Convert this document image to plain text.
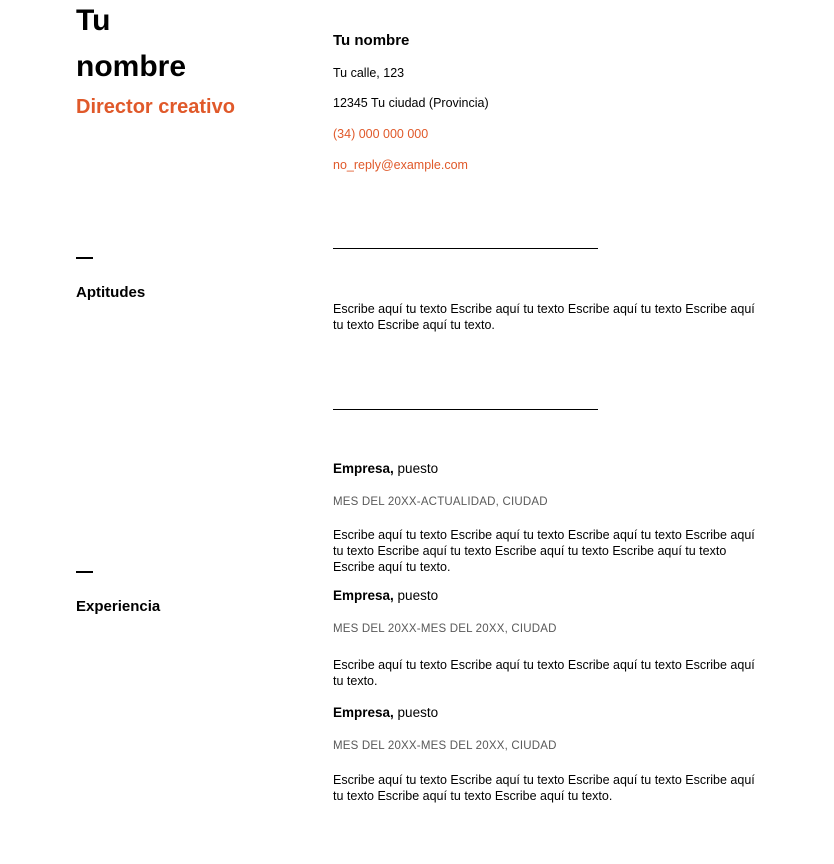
Tu
nombre
Director creativo
Tu nombre
Tu calle, 123
12345 Tu ciudad (Provincia)
(34) 000 000 000
no_reply@example.com
Aptitudes
Escribe aquí tu texto Escribe aquí tu texto Escribe aquí tu texto Escribe aquí tu texto Escribe aquí tu texto.
Experiencia
Empresa, puesto
MES DEL 20XX-ACTUALIDAD, CIUDAD
Escribe aquí tu texto Escribe aquí tu texto Escribe aquí tu texto Escribe aquí tu texto Escribe aquí tu texto Escribe aquí tu texto Escribe aquí tu texto Escribe aquí tu texto.
Empresa, puesto
MES DEL 20XX-MES DEL 20XX, CIUDAD
Escribe aquí tu texto Escribe aquí tu texto Escribe aquí tu texto Escribe aquí tu texto.
Empresa, puesto
MES DEL 20XX-MES DEL 20XX, CIUDAD
Escribe aquí tu texto Escribe aquí tu texto Escribe aquí tu texto Escribe aquí tu texto Escribe aquí tu texto Escribe aquí tu texto.
